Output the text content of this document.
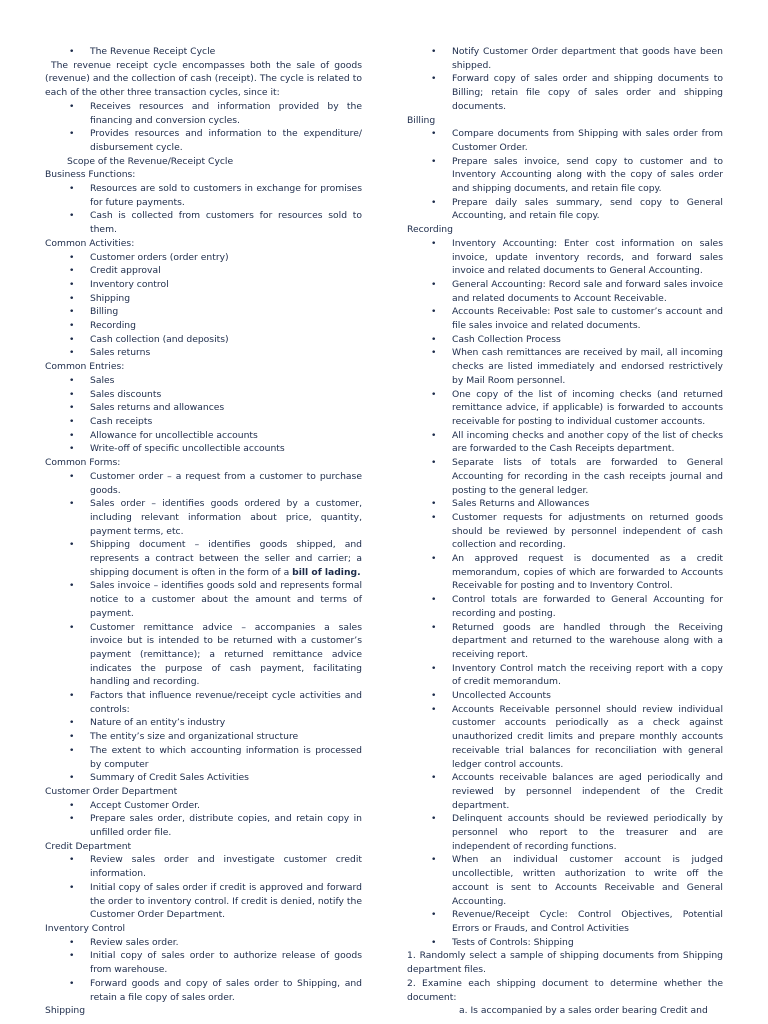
• The Revenue Receipt Cycle
The revenue receipt cycle encompasses both the sale of goods (revenue) and the collection of cash (receipt). The cycle is related to each of the other three transaction cycles, since it:
• Receives resources and information provided by the financing and conversion cycles.
• Provides resources and information to the expenditure/ disbursement cycle.
Scope of the Revenue/Receipt Cycle
Business Functions:
• Resources are sold to customers in exchange for promises for future payments.
• Cash is collected from customers for resources sold to them.
Common Activities:
• Customer orders (order entry)
• Credit approval
• Inventory control
• Shipping
• Billing
• Recording
• Cash collection (and deposits)
• Sales returns
Common Entries:
• Sales
• Sales discounts
• Sales returns and allowances
• Cash receipts
• Allowance for uncollectible accounts
• Write-off of specific uncollectible accounts
Common Forms:
• Customer order – a request from a customer to purchase goods.
• Sales order – identifies goods ordered by a customer, including relevant information about price, quantity, payment terms, etc.
• Shipping document – identifies goods shipped, and represents a contract between the seller and carrier; a shipping document is often in the form of a bill of lading.
• Sales invoice – identifies goods sold and represents formal notice to a customer about the amount and terms of payment.
• Customer remittance advice – accompanies a sales invoice but is intended to be returned with a customer’s payment (remittance); a returned remittance advice indicates the purpose of cash payment, facilitating handling and recording.
• Factors that influence revenue/receipt cycle activities and controls:
• Nature of an entity’s industry
• The entity’s size and organizational structure
• The extent to which accounting information is processed by computer
• Summary of Credit Sales Activities
Customer Order Department
• Accept Customer Order.
• Prepare sales order, distribute copies, and retain copy in unfilled order file.
Credit Department
• Review sales order and investigate customer credit information.
• Initial copy of sales order if credit is approved and forward the order to inventory control. If credit is denied, notify the Customer Order Department.
Inventory Control
• Review sales order.
• Initial copy of sales order to authorize release of goods from warehouse.
• Forward goods and copy of sales order to Shipping, and retain a file copy of sales order.
Shipping
• Notify Customer Order department that goods have been shipped.
• Forward copy of sales order and shipping documents to Billing; retain file copy of sales order and shipping documents.
Billing
• Compare documents from Shipping with sales order from Customer Order.
• Prepare sales invoice, send copy to customer and to Inventory Accounting along with the copy of sales order and shipping documents, and retain file copy.
• Prepare daily sales summary, send copy to General Accounting, and retain file copy.
Recording
• Inventory Accounting: Enter cost information on sales invoice, update inventory records, and forward sales invoice and related documents to General Accounting.
• General Accounting: Record sale and forward sales invoice and related documents to Account Receivable.
• Accounts Receivable: Post sale to customer’s account and file sales invoice and related documents.
• Cash Collection Process
• When cash remittances are received by mail, all incoming checks are listed immediately and endorsed restrictively by Mail Room personnel.
• One copy of the list of incoming checks (and returned remittance advice, if applicable) is forwarded to accounts receivable for posting to individual customer accounts.
• All incoming checks and another copy of the list of checks are forwarded to the Cash Receipts department.
• Separate lists of totals are forwarded to General Accounting for recording in the cash receipts journal and posting to the general ledger.
• Sales Returns and Allowances
• Customer requests for adjustments on returned goods should be reviewed by personnel independent of cash collection and recording.
• An approved request is documented as a credit memorandum, copies of which are forwarded to Accounts Receivable for posting and to Inventory Control.
• Control totals are forwarded to General Accounting for recording and posting.
• Returned goods are handled through the Receiving department and returned to the warehouse along with a receiving report.
• Inventory Control match the receiving report with a copy of credit memorandum.
• Uncollected Accounts
• Accounts Receivable personnel should review individual customer accounts periodically as a check against unauthorized credit limits and prepare monthly accounts receivable trial balances for reconciliation with general ledger control accounts.
• Accounts receivable balances are aged periodically and reviewed by personnel independent of the Credit department.
• Delinquent accounts should be reviewed periodically by personnel who report to the treasurer and are independent of recording functions.
• When an individual customer account is judged uncollectible, written authorization to write off the account is sent to Accounts Receivable and General Accounting.
• Revenue/Receipt Cycle: Control Objectives, Potential Errors or Frauds, and Control Activities
• Tests of Controls: Shipping
1. Randomly select a sample of shipping documents from Shipping department files.
2. Examine each shipping document to determine whether the document:
a. Is accompanied by a sales order bearing Credit and
